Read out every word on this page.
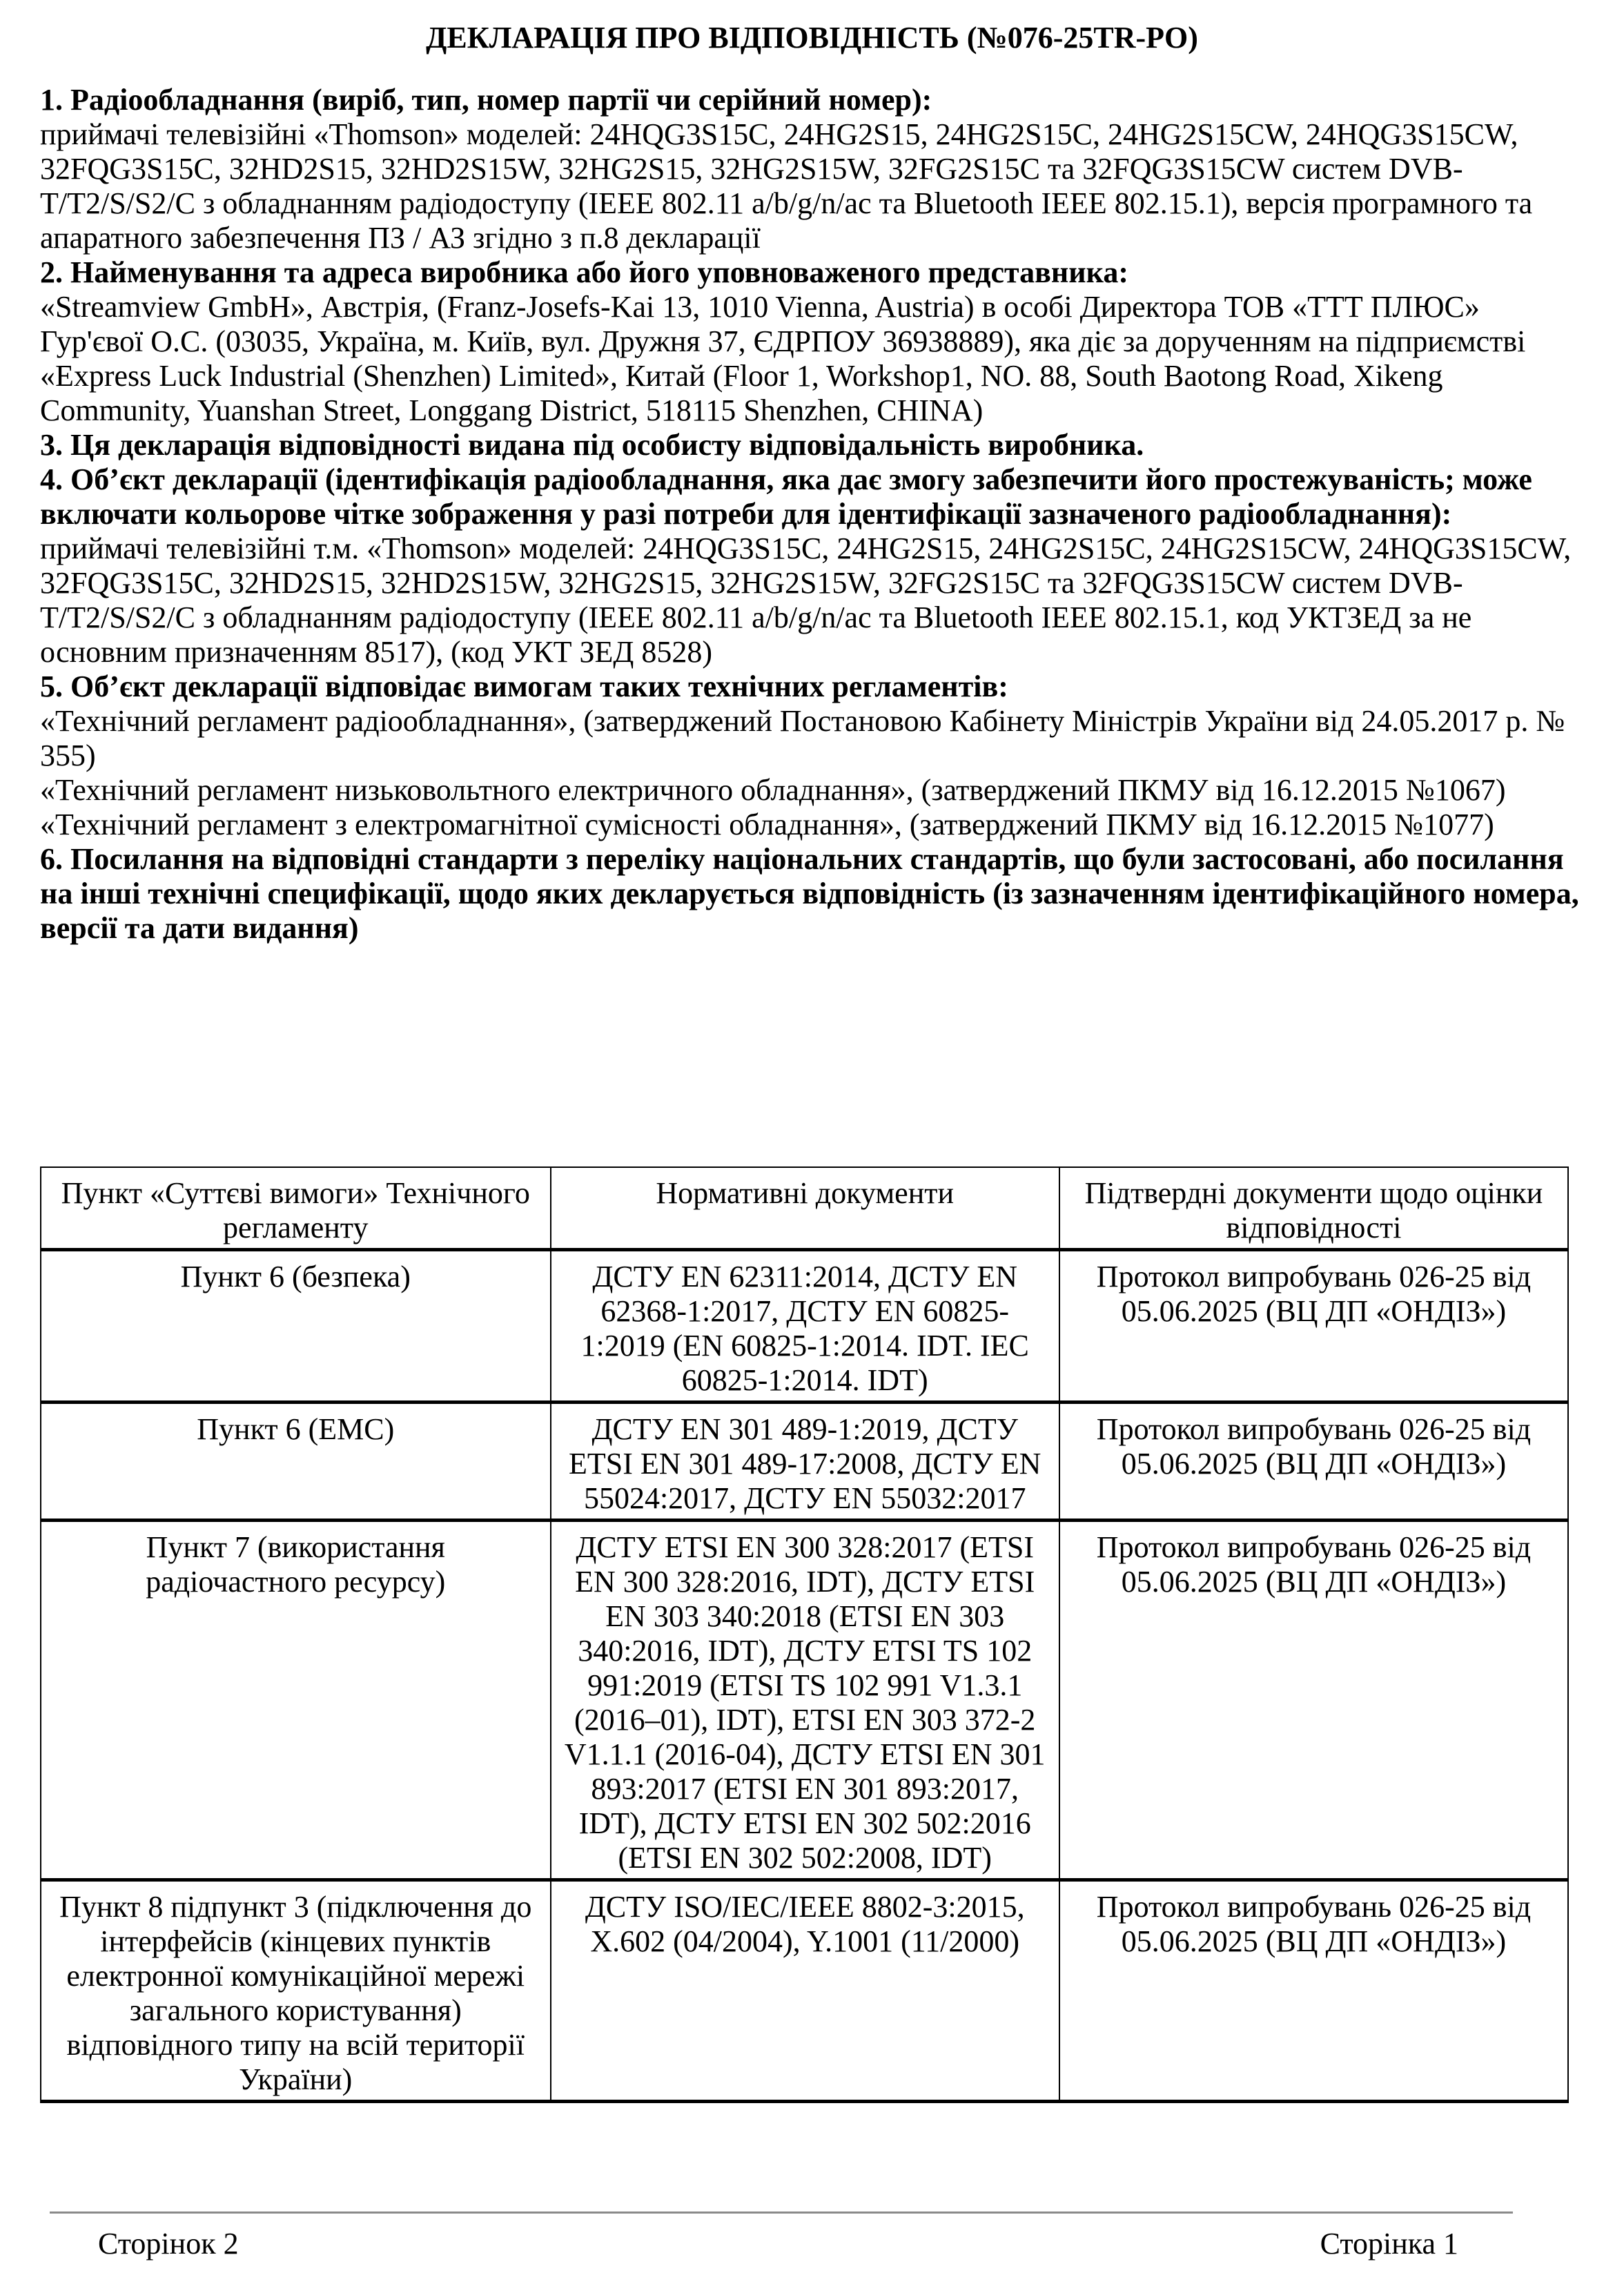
ДЕКЛАРАЦІЯ ПРО ВІДПОВІДНІСТЬ (№076-25TR-PO)

1. Радіообладнання (виріб, тип, номер партії чи серійний номер):

приймачі телевізійні «Thomson» моделей: 24HQG3S15C, 24HG2S15, 24HG2S15C, 24HG2S15CW, 24HQG3S15CW, 32FQG3S15C, 32HD2S15, 32HD2S15W, 32HG2S15, 32HG2S15W, 32FG2S15C та 32FQG3S15CW систем DVB-T/T2/S/S2/C з обладнанням радіодоступу (IEEE 802.11 a/b/g/n/ac та Bluetooth IEEE 802.15.1), версія програмного та апаратного забезпечення ПЗ / АЗ згідно з п.8 декларації

2. Найменування та адреса виробника або його уповноваженого представника:

«Streamview GmbH», Австрія, (Franz-Josefs-Kai 13, 1010 Vienna, Austria) в особі Директора ТОВ «ТТТ ПЛЮС» Гур'євої О.С. (03035, Україна, м. Київ, вул. Дружня 37, ЄДРПОУ 36938889), яка діє за дорученням на підприємстві «Express Luck Industrial (Shenzhen) Limited», Китай (Floor 1, Workshop1, NO. 88, South Baotong Road, Xikeng Community, Yuanshan Street, Longgang District, 518115 Shenzhen, CHINA)

3. Ця декларація відповідності видана під особисту відповідальність виробника.

4. Об’єкт декларації (ідентифікація радіообладнання, яка дає змогу забезпечити його простежуваність; може включати кольорове чітке зображення у разі потреби для ідентифікації зазначеного радіообладнання):

приймачі телевізійні т.м. «Thomson» моделей: 24HQG3S15C, 24HG2S15, 24HG2S15C, 24HG2S15CW, 24HQG3S15CW, 32FQG3S15C, 32HD2S15, 32HD2S15W, 32HG2S15, 32HG2S15W, 32FG2S15C та 32FQG3S15CW систем DVB-T/T2/S/S2/C з обладнанням радіодоступу (IEEE 802.11 a/b/g/n/ac та Bluetooth IEEE 802.15.1, код УКТЗЕД за не основним призначенням 8517), (код УКТ ЗЕД 8528)

5. Об’єкт декларації відповідає вимогам таких технічних регламентів:

«Технічний регламент радіообладнання», (затверджений Постановою Кабінету Міністрів України від 24.05.2017 р. № 355)

«Технічний регламент низьковольтного електричного обладнання», (затверджений ПКМУ від 16.12.2015 №1067)

«Технічний регламент з електромагнітної сумісності обладнання», (затверджений ПКМУ від 16.12.2015 №1077)

6. Посилання на відповідні стандарти з переліку національних стандартів, що були застосовані, або посилання на інші технічні специфікації, щодо яких декларується відповідність (із зазначенням ідентифікаційного номера, версії та дати видання)

Пункт «Суттєві вимоги» Технічного регламенту	Нормативні документи	Підтвердні документи щодо оцінки відповідності
Пункт 6 (безпека)	ДСТУ EN 62311:2014, ДСТУ EN 62368-1:2017, ДСТУ EN 60825-1:2019 (EN 60825-1:2014. IDT. IEC 60825-1:2014. IDT)	Протокол випробувань 026-25 від 05.06.2025 (ВЦ ДП «ОНДІЗ»)
Пункт 6 (ЕМС)	ДСТУ EN 301 489-1:2019, ДСТУ ETSI EN 301 489-17:2008, ДСТУ EN 55024:2017, ДСТУ EN 55032:2017	Протокол випробувань 026-25 від 05.06.2025 (ВЦ ДП «ОНДІЗ»)
Пункт 7 (використання радіочастного ресурсу)	ДСТУ ETSI EN 300 328:2017 (ETSI EN 300 328:2016, IDT), ДСТУ ETSI EN 303 340:2018 (ETSI EN 303 340:2016, IDT), ДСТУ ETSI TS 102 991:2019 (ETSI TS 102 991 V1.3.1 (2016–01), IDT), ETSI EN 303 372-2 V1.1.1 (2016-04), ДСТУ ETSI EN 301 893:2017 (ETSI EN 301 893:2017, IDT), ДСТУ ETSI EN 302 502:2016 (ETSI EN 302 502:2008, IDT)	Протокол випробувань 026-25 від 05.06.2025 (ВЦ ДП «ОНДІЗ»)
Пункт 8 підпункт 3 (підключення до інтерфейсів (кінцевих пунктів електронної комунікаційної мережі загального користування) відповідного типу на всій території України)	ДСТУ ISO/IEC/IEEE 8802-3:2015, X.602 (04/2004), Y.1001 (11/2000)	Протокол випробувань 026-25 від 05.06.2025 (ВЦ ДП «ОНДІЗ»)
Сторінок 2	Сторінка 1
